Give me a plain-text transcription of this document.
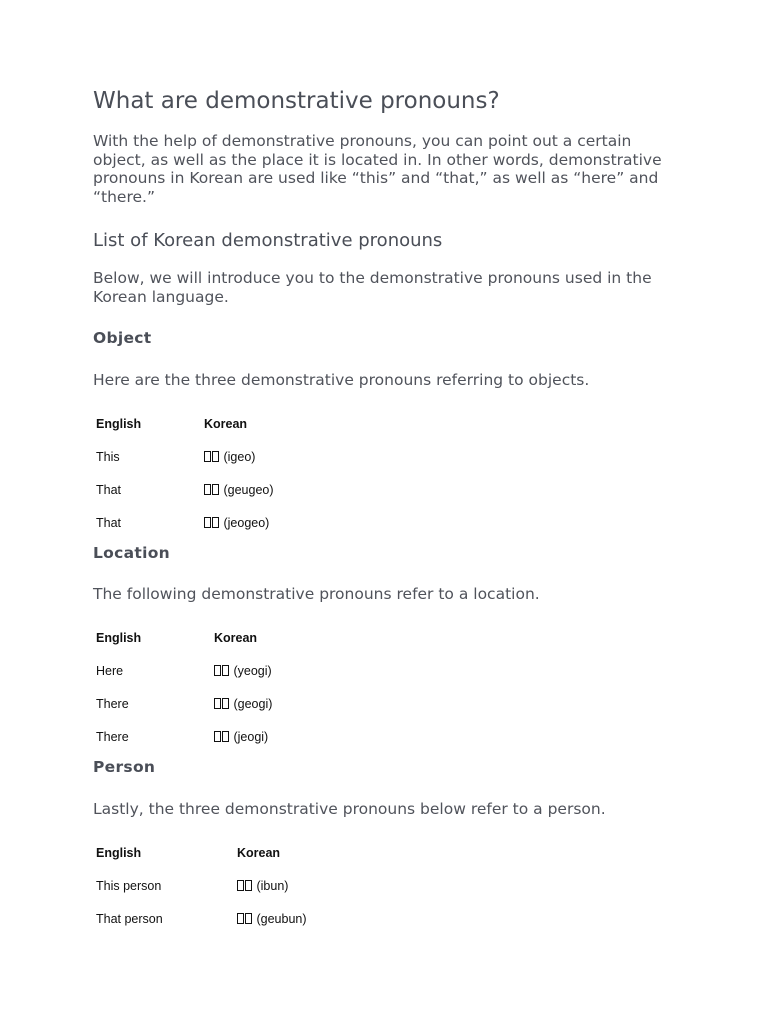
What are demonstrative pronouns?
With the help of demonstrative pronouns, you can point out a certain object, as well as the place it is located in. In other words, demonstrative pronouns in Korean are used like “this” and “that,” as well as “here” and “there.”
List of Korean demonstrative pronouns
Below, we will introduce you to the demonstrative pronouns used in the Korean language.
Object
Here are the three demonstrative pronouns referring to objects.
English	Korean
This	(igeo)
That	(geugeo)
That	(jeogeo)
Location
The following demonstrative pronouns refer to a location.
English	Korean
Here	(yeogi)
There	(geogi)
There	(jeogi)
Person
Lastly, the three demonstrative pronouns below refer to a person.
English	Korean
This person	(ibun)
That person	(geubun)
